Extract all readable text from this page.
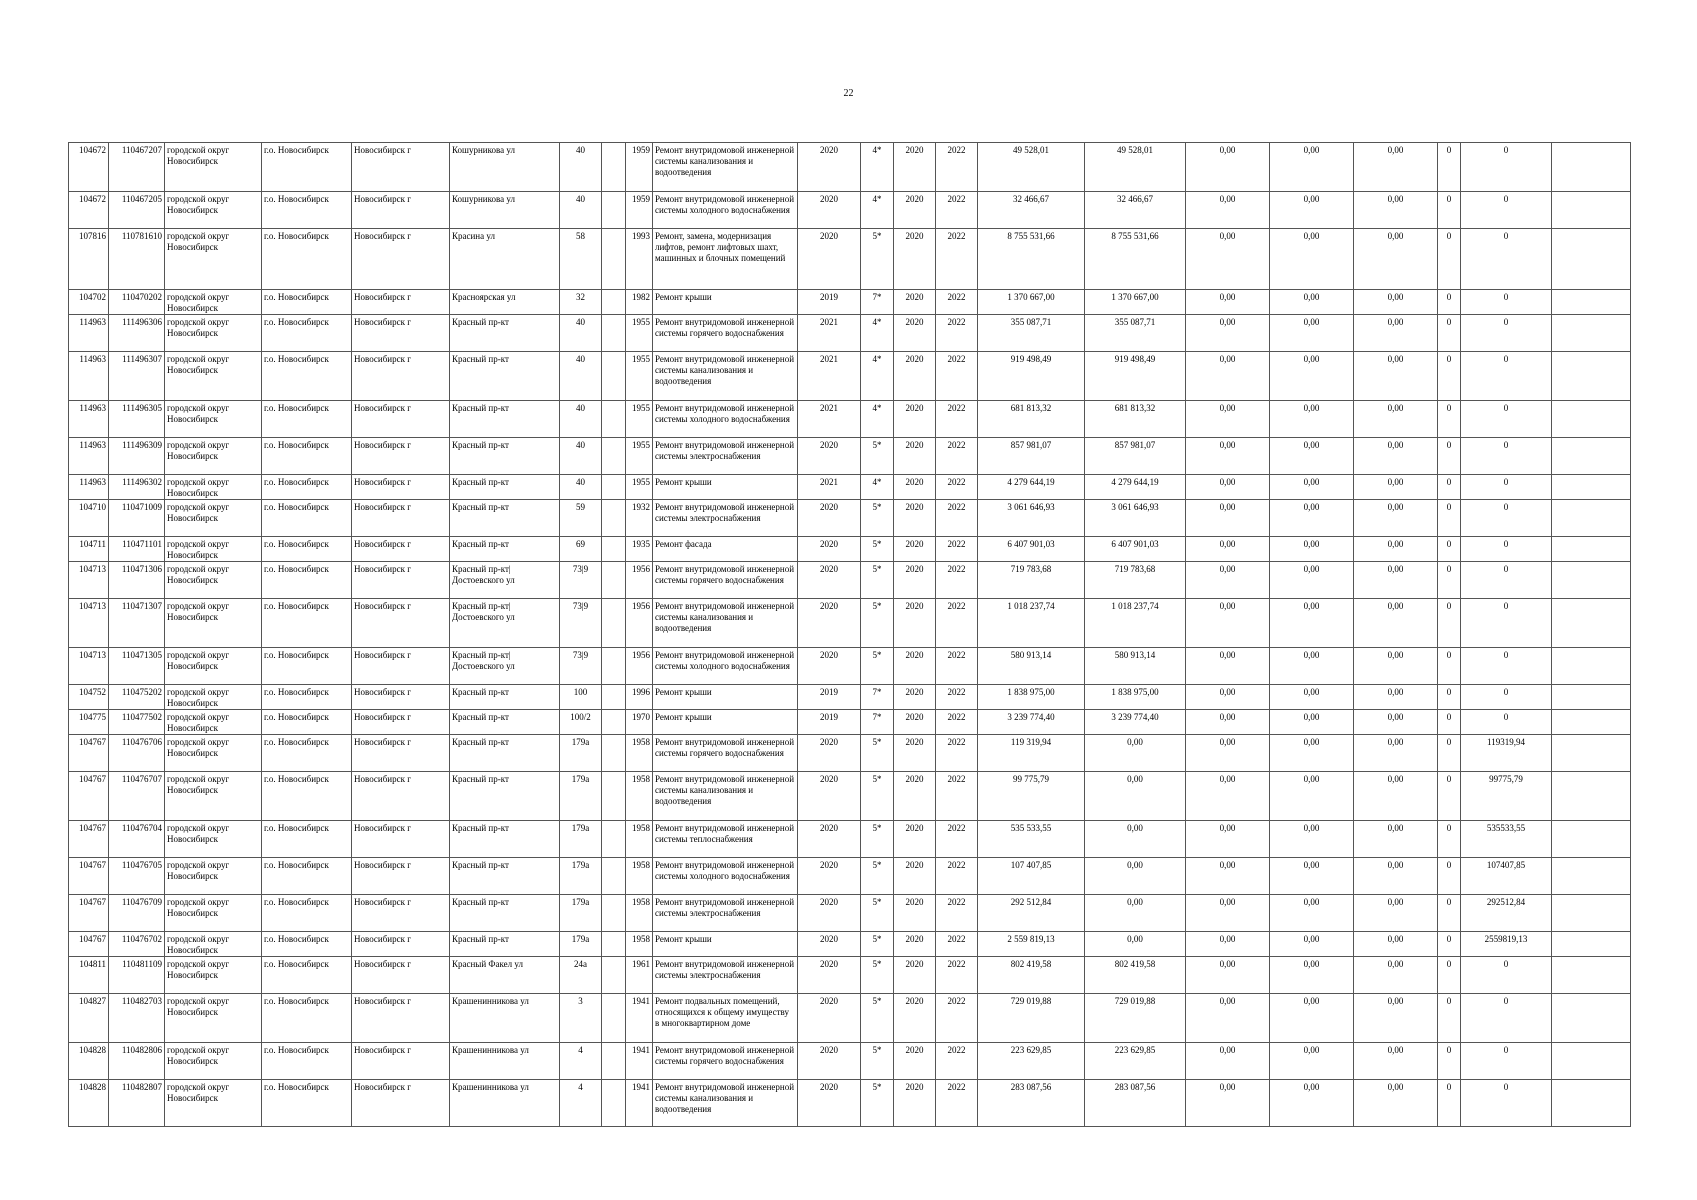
22
104672	110467207	городской округ Новосибирск	г.о. Новосибирск	Новосибирск г	Кошурникова ул	40		1959	Ремонт внутридомовой инженерной системы канализования и водоотведения	2020	4*	2020	2022	49 528,01	49 528,01	0,00	0,00	0,00	0	0	
104672	110467205	городской округ Новосибирск	г.о. Новосибирск	Новосибирск г	Кошурникова ул	40		1959	Ремонт внутридомовой инженерной системы холодного водоснабжения	2020	4*	2020	2022	32 466,67	32 466,67	0,00	0,00	0,00	0	0	
107816	110781610	городской округ Новосибирск	г.о. Новосибирск	Новосибирск г	Красина ул	58		1993	Ремонт, замена, модернизация лифтов, ремонт лифтовых шахт, машинных и блочных помещений	2020	5*	2020	2022	8 755 531,66	8 755 531,66	0,00	0,00	0,00	0	0	
104702	110470202	городской округ Новосибирск	г.о. Новосибирск	Новосибирск г	Красноярская ул	32		1982	Ремонт крыши	2019	7*	2020	2022	1 370 667,00	1 370 667,00	0,00	0,00	0,00	0	0	
114963	111496306	городской округ Новосибирск	г.о. Новосибирск	Новосибирск г	Красный пр-кт	40		1955	Ремонт внутридомовой инженерной системы горячего водоснабжения	2021	4*	2020	2022	355 087,71	355 087,71	0,00	0,00	0,00	0	0	
114963	111496307	городской округ Новосибирск	г.о. Новосибирск	Новосибирск г	Красный пр-кт	40		1955	Ремонт внутридомовой инженерной системы канализования и водоотведения	2021	4*	2020	2022	919 498,49	919 498,49	0,00	0,00	0,00	0	0	
114963	111496305	городской округ Новосибирск	г.о. Новосибирск	Новосибирск г	Красный пр-кт	40		1955	Ремонт внутридомовой инженерной системы холодного водоснабжения	2021	4*	2020	2022	681 813,32	681 813,32	0,00	0,00	0,00	0	0	
114963	111496309	городской округ Новосибирск	г.о. Новосибирск	Новосибирск г	Красный пр-кт	40		1955	Ремонт внутридомовой инженерной системы электроснабжения	2020	5*	2020	2022	857 981,07	857 981,07	0,00	0,00	0,00	0	0	
114963	111496302	городской округ Новосибирск	г.о. Новосибирск	Новосибирск г	Красный пр-кт	40		1955	Ремонт крыши	2021	4*	2020	2022	4 279 644,19	4 279 644,19	0,00	0,00	0,00	0	0	
104710	110471009	городской округ Новосибирск	г.о. Новосибирск	Новосибирск г	Красный пр-кт	59		1932	Ремонт внутридомовой инженерной системы электроснабжения	2020	5*	2020	2022	3 061 646,93	3 061 646,93	0,00	0,00	0,00	0	0	
104711	110471101	городской округ Новосибирск	г.о. Новосибирск	Новосибирск г	Красный пр-кт	69		1935	Ремонт фасада	2020	5*	2020	2022	6 407 901,03	6 407 901,03	0,00	0,00	0,00	0	0	
104713	110471306	городской округ Новосибирск	г.о. Новосибирск	Новосибирск г	Красный пр-кт| Достоевского ул	73|9		1956	Ремонт внутридомовой инженерной системы горячего водоснабжения	2020	5*	2020	2022	719 783,68	719 783,68	0,00	0,00	0,00	0	0	
104713	110471307	городской округ Новосибирск	г.о. Новосибирск	Новосибирск г	Красный пр-кт| Достоевского ул	73|9		1956	Ремонт внутридомовой инженерной системы канализования и водоотведения	2020	5*	2020	2022	1 018 237,74	1 018 237,74	0,00	0,00	0,00	0	0	
104713	110471305	городской округ Новосибирск	г.о. Новосибирск	Новосибирск г	Красный пр-кт| Достоевского ул	73|9		1956	Ремонт внутридомовой инженерной системы холодного водоснабжения	2020	5*	2020	2022	580 913,14	580 913,14	0,00	0,00	0,00	0	0	
104752	110475202	городской округ Новосибирск	г.о. Новосибирск	Новосибирск г	Красный пр-кт	100		1996	Ремонт крыши	2019	7*	2020	2022	1 838 975,00	1 838 975,00	0,00	0,00	0,00	0	0	
104775	110477502	городской округ Новосибирск	г.о. Новосибирск	Новосибирск г	Красный пр-кт	100/2		1970	Ремонт крыши	2019	7*	2020	2022	3 239 774,40	3 239 774,40	0,00	0,00	0,00	0	0	
104767	110476706	городской округ Новосибирск	г.о. Новосибирск	Новосибирск г	Красный пр-кт	179а		1958	Ремонт внутридомовой инженерной системы горячего водоснабжения	2020	5*	2020	2022	119 319,94	0,00	0,00	0,00	0,00	0	119319,94	
104767	110476707	городской округ Новосибирск	г.о. Новосибирск	Новосибирск г	Красный пр-кт	179а		1958	Ремонт внутридомовой инженерной системы канализования и водоотведения	2020	5*	2020	2022	99 775,79	0,00	0,00	0,00	0,00	0	99775,79	
104767	110476704	городской округ Новосибирск	г.о. Новосибирск	Новосибирск г	Красный пр-кт	179а		1958	Ремонт внутридомовой инженерной системы теплоснабжения	2020	5*	2020	2022	535 533,55	0,00	0,00	0,00	0,00	0	535533,55	
104767	110476705	городской округ Новосибирск	г.о. Новосибирск	Новосибирск г	Красный пр-кт	179а		1958	Ремонт внутридомовой инженерной системы холодного водоснабжения	2020	5*	2020	2022	107 407,85	0,00	0,00	0,00	0,00	0	107407,85	
104767	110476709	городской округ Новосибирск	г.о. Новосибирск	Новосибирск г	Красный пр-кт	179а		1958	Ремонт внутридомовой инженерной системы электроснабжения	2020	5*	2020	2022	292 512,84	0,00	0,00	0,00	0,00	0	292512,84	
104767	110476702	городской округ Новосибирск	г.о. Новосибирск	Новосибирск г	Красный пр-кт	179а		1958	Ремонт крыши	2020	5*	2020	2022	2 559 819,13	0,00	0,00	0,00	0,00	0	2559819,13	
104811	110481109	городской округ Новосибирск	г.о. Новосибирск	Новосибирск г	Красный Факел ул	24а		1961	Ремонт внутридомовой инженерной системы электроснабжения	2020	5*	2020	2022	802 419,58	802 419,58	0,00	0,00	0,00	0	0	
104827	110482703	городской округ Новосибирск	г.о. Новосибирск	Новосибирск г	Крашенинникова ул	3		1941	Ремонт подвальных помещений, относящихся к общему имуществу в многоквартирном доме	2020	5*	2020	2022	729 019,88	729 019,88	0,00	0,00	0,00	0	0	
104828	110482806	городской округ Новосибирск	г.о. Новосибирск	Новосибирск г	Крашенинникова ул	4		1941	Ремонт внутридомовой инженерной системы горячего водоснабжения	2020	5*	2020	2022	223 629,85	223 629,85	0,00	0,00	0,00	0	0	
104828	110482807	городской округ Новосибирск	г.о. Новосибирск	Новосибирск г	Крашенинникова ул	4		1941	Ремонт внутридомовой инженерной системы канализования и водоотведения	2020	5*	2020	2022	283 087,56	283 087,56	0,00	0,00	0,00	0	0	
